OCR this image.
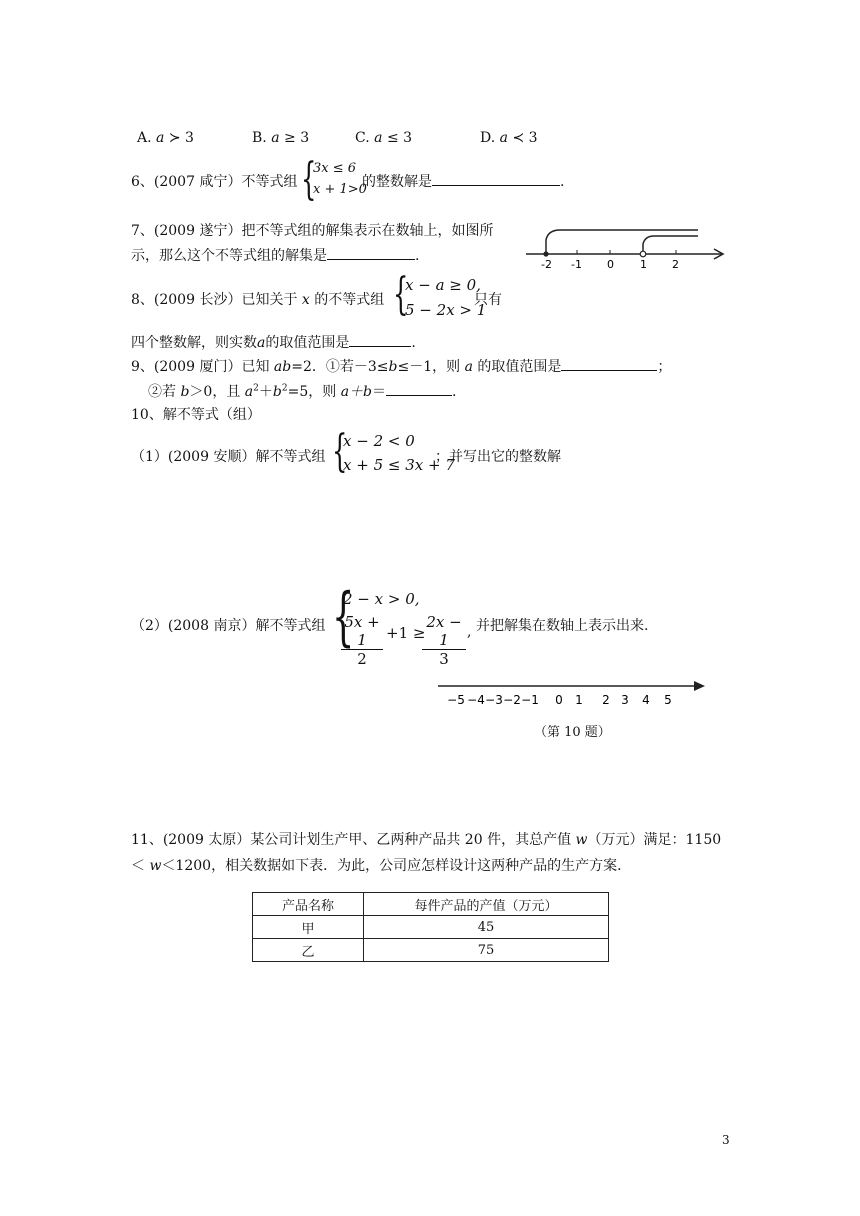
A. a ≻ 3	B. a ≥ 3	C. a ≤ 3	D. a ≺ 3
6、(2007 咸宁）不等式组 {
3x ≤ 6
x + 1>0
的整数解是	.
7、(2009 遂宁）把不等式组的解集表示在数轴上，如图所
示，那么这个不等式组的解集是	.
-2 -1 0 1 2
8、(2009 长沙）已知关于 x 的不等式组 {
x − a ≥ 0,
5 − 2x > 1
只有
四个整数解，则实数a的取值范围是	.
9、(2009 厦门）已知 ab=2．①若－3≤b≤－1，则 a 的取值范围是	；
②若 b＞0，且 $a^2+b^2=5$，则 a＋b＝	.
10、解不等式（组）
（1）(2009 安顺）解不等式组 {
x − 2 < 0
x + 5 ≤ 3x + 7
；并写出它的整数解
（2）(2008 南京）解不等式组 {
2 − x > 0,
$\frac{5x + 1}{2} +1$ ≥
$\frac{2x - 1}{3}$ , 并把解集在数轴上表示出来.
−5 −4 −3 −2 −1 0 1 2 3 4 5
（第 10 题）
11、(2009 太原）某公司计划生产甲、乙两种产品共 20 件，其总产值 w（万元）满足：1150
＜ w＜1200，相关数据如下表．为此，公司应怎样设计这两种产品的生产方案．
产品名称	每件产品的产值（万元）
甲	45
乙	75
3
